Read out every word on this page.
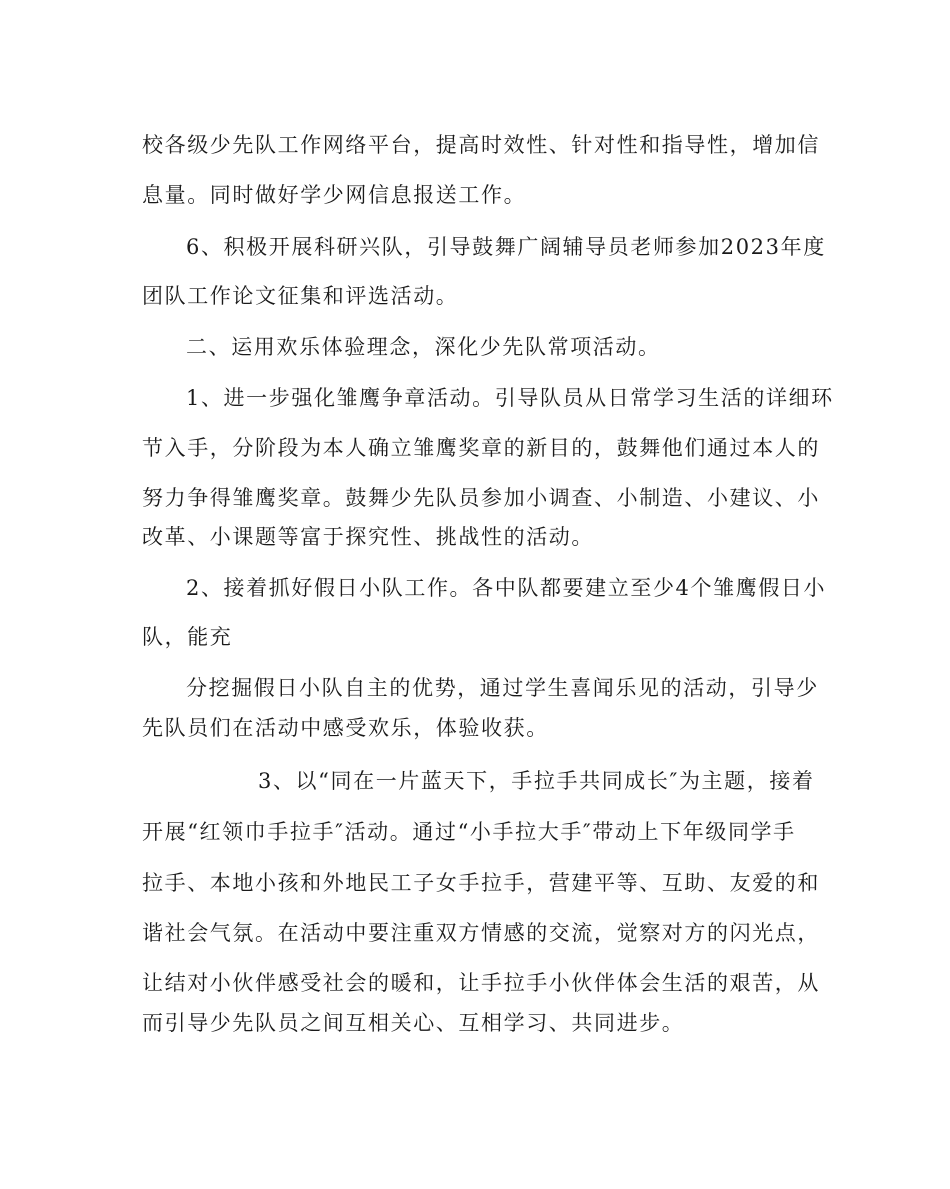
校各级少先队工作网络平台，提高时效性、针对性和指导性，增加信
息量。同时做好学少网信息报送工作。
6、积极开展科研兴队，引导鼓舞广阔辅导员老师参加2023年度
团队工作论文征集和评选活动。
二、运用欢乐体验理念，深化少先队常项活动。
1、进一步强化雏鹰争章活动。引导队员从日常学习生活的详细环
节入手，分阶段为本人确立雏鹰奖章的新目的，鼓舞他们通过本人的
努力争得雏鹰奖章。鼓舞少先队员参加小调查、小制造、小建议、小
改革、小课题等富于探究性、挑战性的活动。
2、接着抓好假日小队工作。各中队都要建立至少4个雏鹰假日小
队，能充
分挖掘假日小队自主的优势，通过学生喜闻乐见的活动，引导少
先队员们在活动中感受欢乐，体验收获。
3、以“同在一片蓝天下，手拉手共同成长″为主题，接着
开展“红领巾手拉手″活动。通过“小手拉大手″带动上下年级同学手
拉手、本地小孩和外地民工子女手拉手，营建平等、互助、友爱的和
谐社会气氛。在活动中要注重双方情感的交流，觉察对方的闪光点，
让结对小伙伴感受社会的暖和，让手拉手小伙伴体会生活的艰苦，从
而引导少先队员之间互相关心、互相学习、共同进步。
